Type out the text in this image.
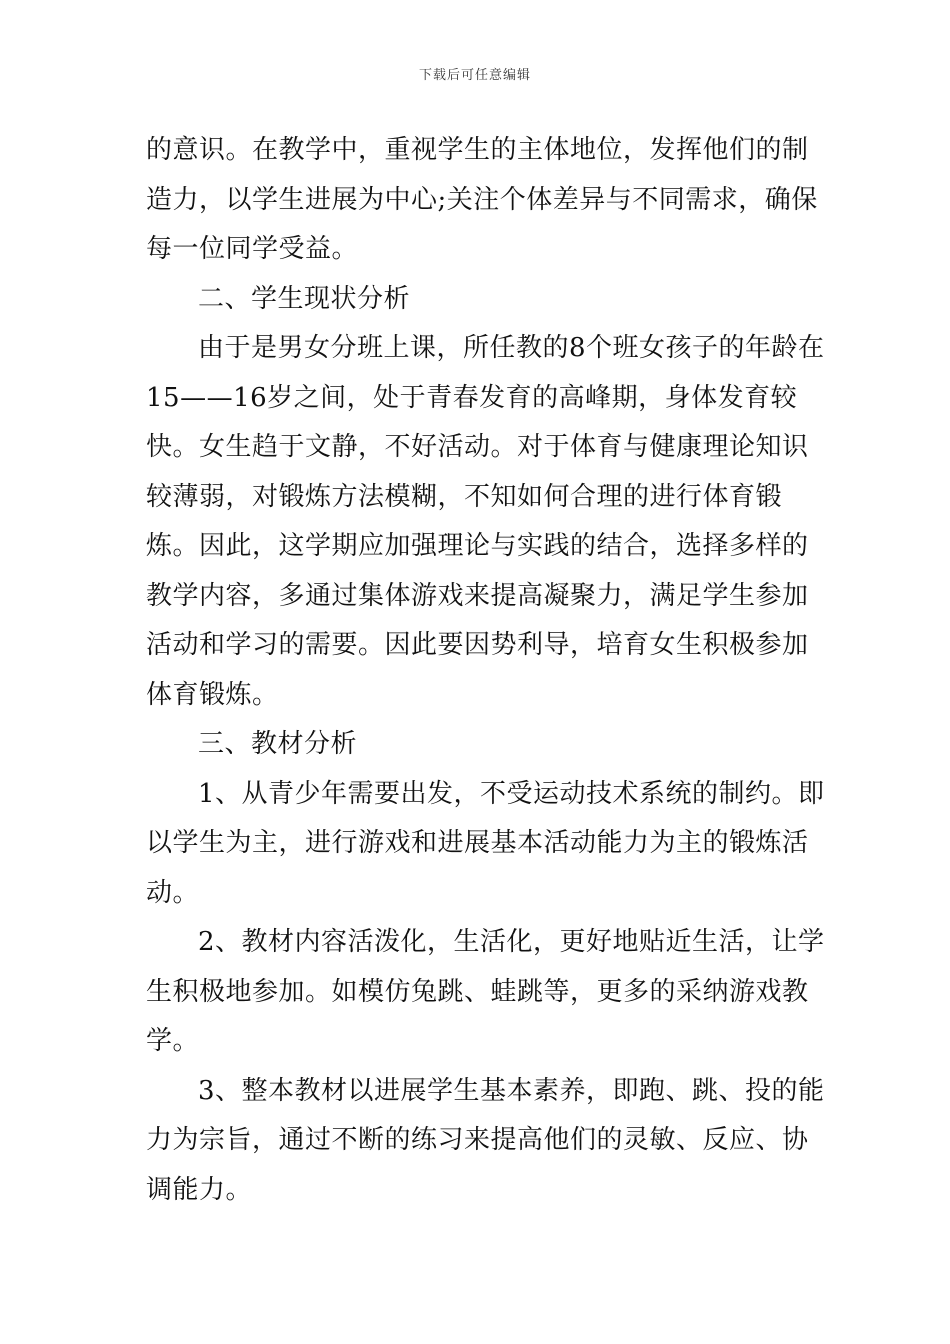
下载后可任意编辑

的意识。在教学中，重视学生的主体地位，发挥他们的制造力，以学生进展为中心;关注个体差异与不同需求，确保每一位同学受益。

二、学生现状分析

由于是男女分班上课，所任教的8个班女孩子的年龄在15——16岁之间，处于青春发育的高峰期，身体发育较快。女生趋于文静，不好活动。对于体育与健康理论知识较薄弱，对锻炼方法模糊，不知如何合理的进行体育锻炼。因此，这学期应加强理论与实践的结合，选择多样的教学内容，多通过集体游戏来提高凝聚力，满足学生参加活动和学习的需要。因此要因势利导，培育女生积极参加体育锻炼。

三、教材分析

1、从青少年需要出发，不受运动技术系统的制约。即以学生为主，进行游戏和进展基本活动能力为主的锻炼活动。

2、教材内容活泼化，生活化，更好地贴近生活，让学生积极地参加。如模仿兔跳、蛙跳等，更多的采纳游戏教学。

3、整本教材以进展学生基本素养，即跑、跳、投的能力为宗旨，通过不断的练习来提高他们的灵敏、反应、协调能力。
